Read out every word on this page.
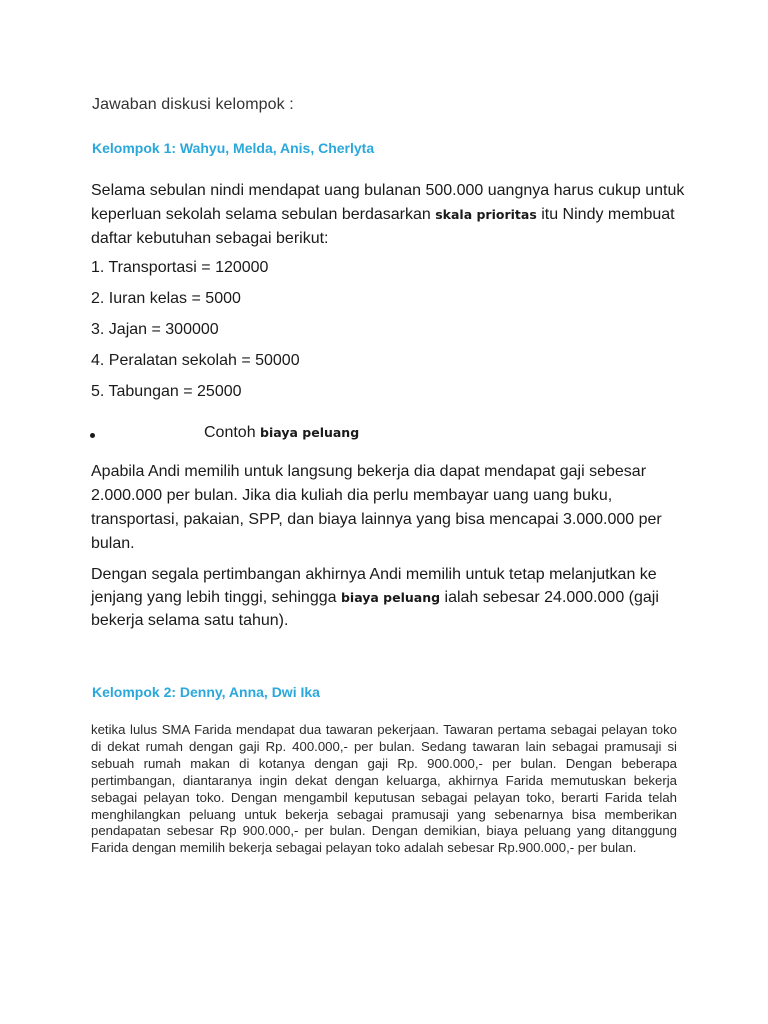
Jawaban diskusi kelompok :
Kelompok 1: Wahyu, Melda, Anis, Cherlyta

Selama sebulan nindi mendapat uang bulanan 500.000 uangnya harus cukup untuk keperluan sekolah selama sebulan berdasarkan skala prioritas itu Nindy membuat daftar kebutuhan sebagai berikut:

1. Transportasi = 120000

2. Iuran kelas = 5000

3. Jajan = 300000

4. Peralatan sekolah = 50000

5. Tabungan = 25000

Contoh biaya peluang

Apabila Andi memilih untuk langsung bekerja dia dapat mendapat gaji sebesar 2.000.000 per bulan. Jika dia kuliah dia perlu membayar uang uang buku, transportasi, pakaian, SPP, dan biaya lainnya yang bisa mencapai 3.000.000 per bulan.

Dengan segala pertimbangan akhirnya Andi memilih untuk tetap melanjutkan ke jenjang yang lebih tinggi, sehingga biaya peluang ialah sebesar 24.000.000 (gaji bekerja selama satu tahun).

Kelompok 2: Denny, Anna, Dwi Ika

ketika lulus SMA Farida mendapat dua tawaran pekerjaan. Tawaran pertama sebagai pelayan toko di dekat rumah dengan gaji Rp. 400.000,- per bulan. Sedang tawaran lain sebagai pramusaji si sebuah rumah makan di kotanya dengan gaji Rp. 900.000,- per bulan. Dengan beberapa pertimbangan, diantaranya ingin dekat dengan keluarga, akhirnya Farida memutuskan bekerja sebagai pelayan toko. Dengan mengambil keputusan sebagai pelayan toko, berarti Farida telah menghilangkan peluang untuk bekerja sebagai pramusaji yang sebenarnya bisa memberikan pendapatan sebesar Rp 900.000,- per bulan. Dengan demikian, biaya peluang yang ditanggung Farida dengan memilih bekerja sebagai pelayan toko adalah sebesar Rp.900.000,- per bulan.
